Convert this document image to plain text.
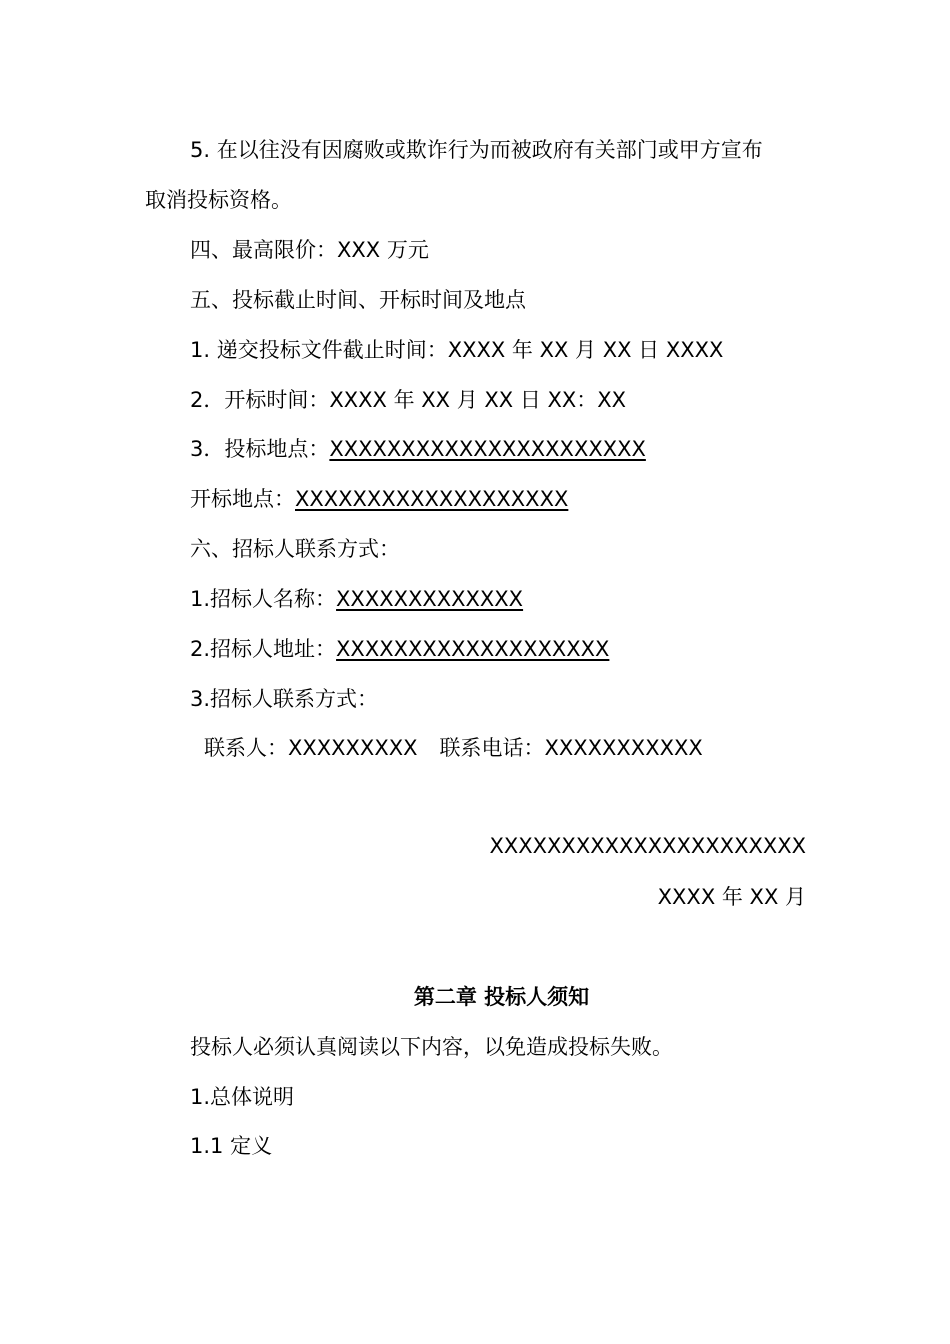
5. 在以往没有因腐败或欺诈行为而被政府有关部门或甲方宣布
取消投标资格。
四、最高限价：XXX 万元
五、投标截止时间、开标时间及地点
1. 递交投标文件截止时间：XXXX 年 XX 月 XX 日 XXXX
2．开标时间：XXXX 年 XX 月 XX 日 XX：XX
3．投标地点：XXXXXXXXXXXXXXXXXXXXXX
开标地点：XXXXXXXXXXXXXXXXXXX
六、招标人联系方式：
1.招标人名称：XXXXXXXXXXXXX
2.招标人地址：XXXXXXXXXXXXXXXXXXX
3.招标人联系方式：
联系人：XXXXXXXXX 联系电话：XXXXXXXXXXX
XXXXXXXXXXXXXXXXXXXXXX
XXXX 年 XX 月
第二章 投标人须知
投标人必须认真阅读以下内容，以免造成投标失败。
1.总体说明
1.1 定义
